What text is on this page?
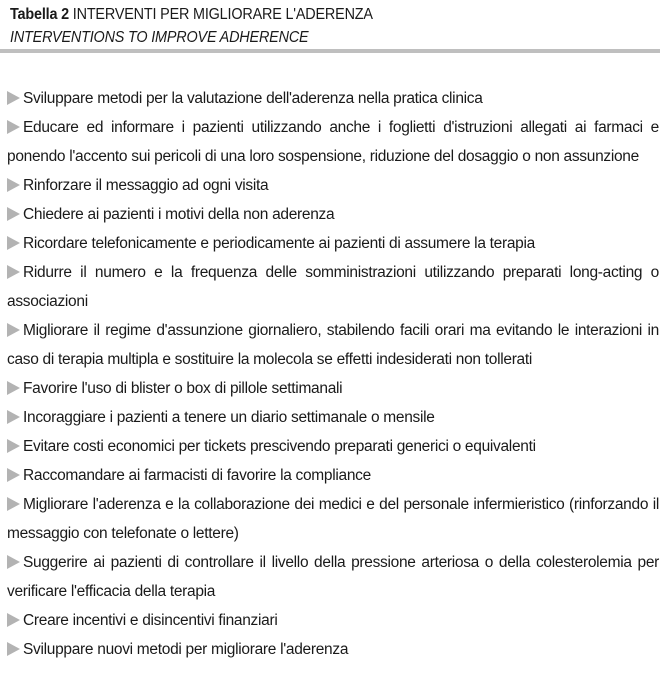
Tabella 2 INTERVENTI PER MIGLIORARE L'ADERENZA
INTERVENTIONS TO IMPROVE ADHERENCE
Sviluppare metodi per la valutazione dell'aderenza nella pratica clinica
Educare ed informare i pazienti utilizzando anche i foglietti d'istruzioni allegati ai farmaci e ponendo l'accento sui pericoli di una loro sospensione, riduzione del dosaggio o non assunzione
Rinforzare il messaggio ad ogni visita
Chiedere ai pazienti i motivi della non aderenza
Ricordare telefonicamente e periodicamente ai pazienti di assumere la terapia
Ridurre il numero e la frequenza delle somministrazioni utilizzando preparati long-acting o associazioni
Migliorare il regime d'assunzione giornaliero, stabilendo facili orari ma evitando le interazioni in caso di terapia multipla e sostituire la molecola se effetti indesiderati non tollerati
Favorire l'uso di blister o box di pillole settimanali
Incoraggiare i pazienti a tenere un diario settimanale o mensile
Evitare costi economici per tickets prescivendo preparati generici o equivalenti
Raccomandare ai farmacisti di favorire la compliance
Migliorare l'aderenza e la collaborazione dei medici e del personale infermieristico (rinforzando il messaggio con telefonate o lettere)
Suggerire ai pazienti di controllare il livello della pressione arteriosa o della colesterolemia per verificare l'efficacia della terapia
Creare incentivi e disincentivi finanziari
Sviluppare nuovi metodi per migliorare l'aderenza
